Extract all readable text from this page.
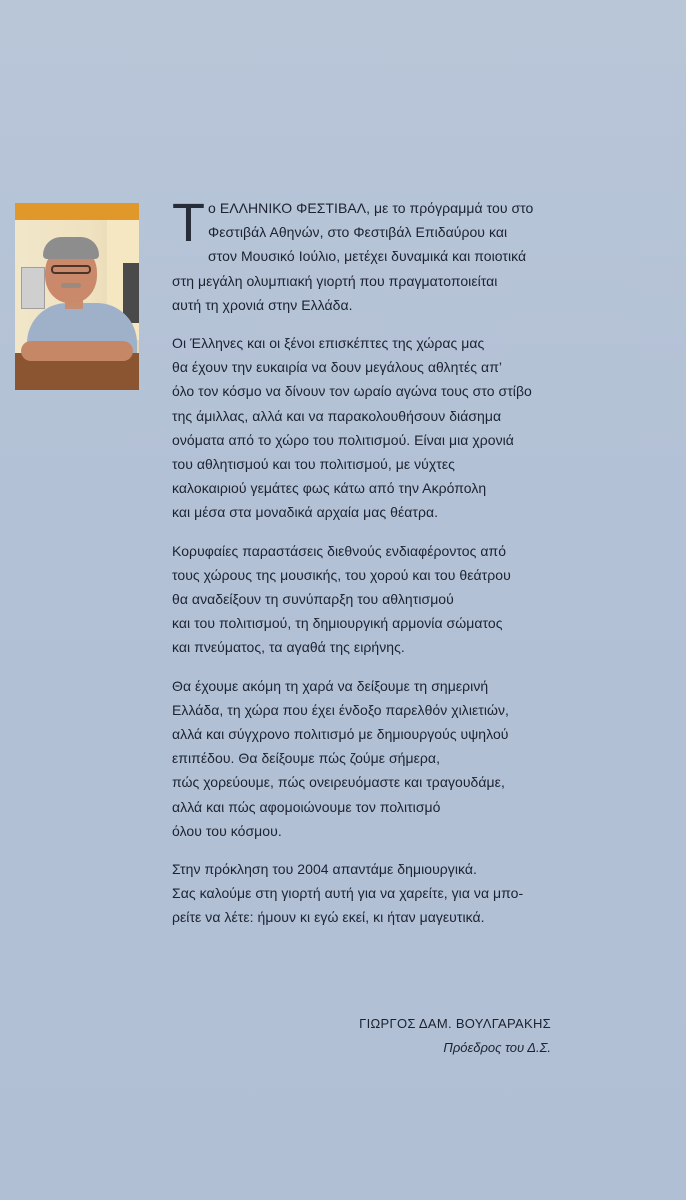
Τ ο ΕΛΛΗΝΙΚΟ ΦΕΣΤΙΒΑΛ, με το πρόγραμμά του στο
Φεστιβάλ Αθηνών, στο Φεστιβάλ Επιδαύρου και
στον Μουσικό Ιούλιο, μετέχει δυναμικά και ποιοτικά
στη μεγάλη ολυμπιακή γιορτή που πραγματοποιείται
αυτή τη χρονιά στην Ελλάδα.
Οι Έλληνες και οι ξένοι επισκέπτες της χώρας μας
θα έχουν την ευκαιρία να δουν μεγάλους αθλητές απ’
όλο τον κόσμο να δίνουν τον ωραίο αγώνα τους στο στίβο
της άμιλλας, αλλά και να παρακολουθήσουν διάσημα
ονόματα από το χώρο του πολιτισμού. Είναι μια χρονιά
του αθλητισμού και του πολιτισμού, με νύχτες
καλοκαιριού γεμάτες φως κάτω από την Ακρόπολη
και μέσα στα μοναδικά αρχαία μας θέατρα.
Κορυφαίες παραστάσεις διεθνούς ενδιαφέροντος από
τους χώρους της μουσικής, του χορού και του θεάτρου
θα αναδείξουν τη συνύπαρξη του αθλητισμού
και του πολιτισμού, τη δημιουργική αρμονία σώματος
και πνεύματος, τα αγαθά της ειρήνης.
Θα έχουμε ακόμη τη χαρά να δείξουμε τη σημερινή
Ελλάδα, τη χώρα που έχει ένδοξο παρελθόν χιλιετιών,
αλλά και σύγχρονο πολιτισμό με δημιουργούς υψηλού
επιπέδου. Θα δείξουμε πώς ζούμε σήμερα,
πώς χορεύουμε, πώς ονειρευόμαστε και τραγουδάμε,
αλλά και πώς αφομοιώνουμε τον πολιτισμό
όλου του κόσμου.
Στην πρόκληση του 2004 απαντάμε δημιουργικά.
Σας καλούμε στη γιορτή αυτή για να χαρείτε, για να μπο-
ρείτε να λέτε: ήμουν κι εγώ εκεί, κι ήταν μαγευτικά.
ΓΙΩΡΓΟΣ ΔΑΜ. ΒΟΥΛΓΑΡΑΚΗΣ
Πρόεδρος του Δ.Σ.
